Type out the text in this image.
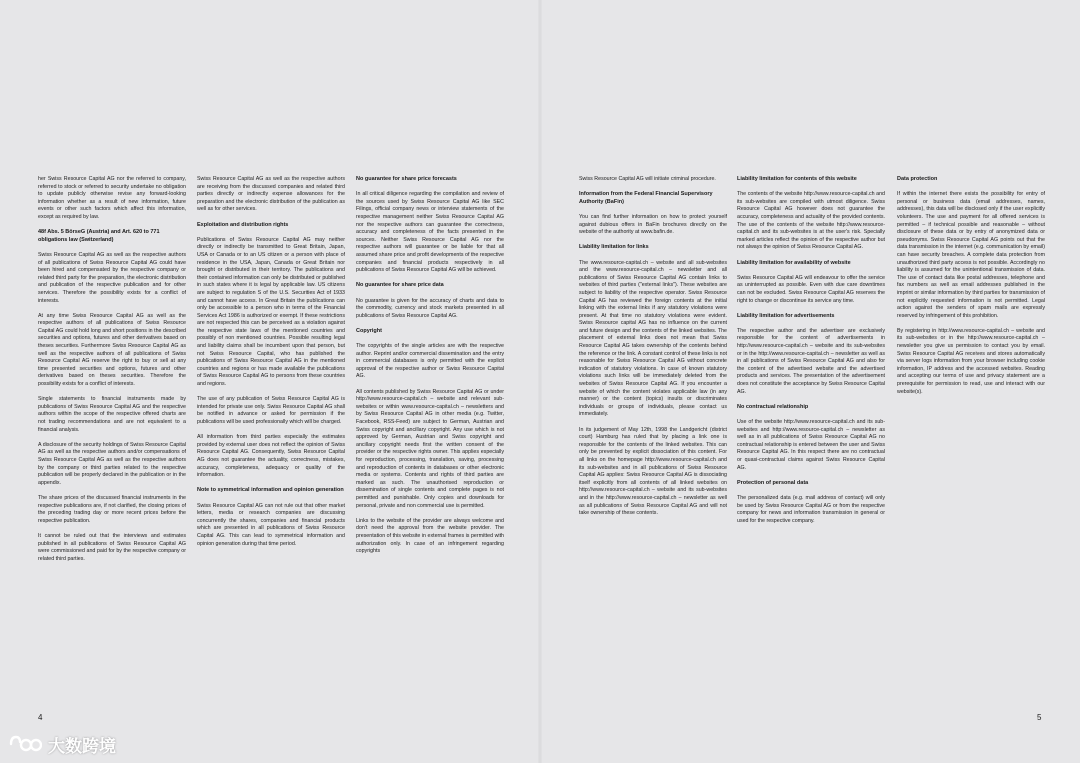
her Swiss Resource Capital AG nor the referred to company, referred to stock or referred to security undertake no obligation to update publicly otherwise revise any forward-looking information whether as a result of new information, future events or other such factors which affect this information, except as required by law.

48f Abs. 5 BörseG (Austria) and Art. 620 to 771 obligations law (Switzerland)

Swiss Resource Capital AG as well as the respective authors of all publications of Swiss Resource Capital AG could have been hired and compensated by the respective company or related third party for the preparation, the electronic distribution and publication of the respective publication and for other services. Therefore the possibility exists for a conflict of interests.

At any time Swiss Resource Capital AG as well as the respective authors of all publications of Swiss Resource Capital AG could hold long and short positions in the described securities and options, futures and other derivatives based on theses securities. Furthermore Swiss Resource Capital AG as well as the respective authors of all publications of Swiss Resource Capital AG reserve the right to buy or sell at any time presented securities and options, futures and other derivatives based on theses securities. Therefore the possibility exists for a conflict of interests.

Single statements to financial instruments made by publications of Swiss Resource Capital AG and the respective authors within the scope of the respective offered charts are not trading recommendations and are not equivalent to a financial analysis.

A disclosure of the security holdings of Swiss Resource Capital AG as well as the respective authors and/or compensations of Swiss Resource Capital AG as well as the respective authors by the company or third parties related to the respective publication will be properly declared in the publication or in the appendix.

The share prices of the discussed financial instruments in the respective publications are, if not clarified, the closing prices of the preceding trading day or more recent prices before the respective publication.

It cannot be ruled out that the interviews and estimates published in all publications of Swiss Resource Capital AG were commissioned and paid for by the respective company or related third parties.

Swiss Resource Capital AG as well as the respective authors are receiving from the discussed companies and related third parties directly or indirectly expense allowances for the preparation and the electronic distribution of the publication as well as for other services.

Exploitation and distribution rights

Publications of Swiss Resource Capital AG may neither directly or indirectly be transmitted to Great Britain, Japan, USA or Canada or to an US citizen or a person with place of residence in the USA, Japan, Canada or Great Britain nor brought or distributed in their territory. The publications and their contained information can only be distributed or published in such states where it is legal by applicable law. US citizens are subject to regulation S of the U.S. Securities Act of 1933 and cannot have access. In Great Britain the publications can only be accessible to a person who in terms of the Financial Services Act 1986 is authorized or exempt. If these restrictions are not respected this can be perceived as a violation against the respective state laws of the mentioned countries and possibly of non mentioned countries. Possible resulting legal and liability claims shall be incumbent upon that person, but not Swiss Resource Capital, who has published the publications of Swiss Resource Capital AG in the mentioned countries and regions or has made available the publications of Swiss Resource Capital AG to persons from these countries and regions.

The use of any publication of Swiss Resource Capital AG is intended for private use only. Swiss Resource Capital AG shall be notified in advance or asked for permission if the publications will be used professionally which will be charged.

All information from third parties especially the estimates provided by external user does not reflect the opinion of Swiss Resource Capital AG. Consequently, Swiss Resource Capital AG does not guarantee the actuality, correctness, mistakes, accuracy, completeness, adequacy or quality of the information.

Note to symmetrical information and opinion generation

Swiss Resource Capital AG can not rule out that other market letters, media or research companies are discussing concurrently the shares, companies and financial products which are presented in all publications of Swiss Resource Capital AG. This can lead to symmetrical information and opinion generation during that time period.

No guarantee for share price forecasts

In all critical diligence regarding the compilation and review of the sources used by Swiss Resource Capital AG like SEC Filings, official company news or interview statements of the respective management neither Swiss Resource Capital AG nor the respective authors can guarantee the correctness, accuracy and completeness of the facts presented in the sources. Neither Swiss Resource Capital AG nor the respective authors will guarantee or be liable for that all assumed share price and profit developments of the respective companies and financial products respectively in all publications of Swiss Resource Capital AG will be achieved.

No guarantee for share price data

No guarantee is given for the accuracy of charts and data to the commodity, currency and stock markets presented in all publications of Swiss Resource Capital AG.

Copyright

The copyrights of the single articles are with the respective author. Reprint and/or commercial dissemination and the entry in commercial databases is only permitted with the explicit approval of the respective author or Swiss Resource Capital AG.

All contents published by Swiss Resource Capital AG or under http://www.resource-capital.ch – website and relevant sub-websites or within www.resource-capital.ch – newsletters and by Swiss Resource Capital AG in other media (e.g. Twitter, Facebook, RSS-Feed) are subject to German, Austrian and Swiss copyright and ancillary copyright. Any use which is not approved by German, Austrian and Swiss copyright and ancillary copyright needs first the written consent of the provider or the respective rights owner. This applies especially for reproduction, processing, translation, saving, processing and reproduction of contents in databases or other electronic media or systems. Contents and rights of third parties are marked as such. The unauthorised reproduction or dissemination of single contents and complete pages is not permitted and punishable. Only copies and downloads for personal, private and non commercial use is permitted.

Links to the website of the provider are always welcome and don't need the approval from the website provider. The presentation of this website in external frames is permitted with authorization only. In case of an infringement regarding copyrights

4

Swiss Resource Capital AG will initiate criminal procedure.

Information from the Federal Financial Supervisory Authority (BaFin)

You can find further information on how to protect yourself against dubious offers in BaFin brochures directly on the website of the authority at www.bafin.de.

Liability limitation for links

The www.resource-capital.ch – website and all sub-websites and the www.resource-capital.ch – newsletter and all publications of Swiss Resource Capital AG contain links to websites of third parties ("external links"). These websites are subject to liability of the respective operator. Swiss Resource Capital AG has reviewed the foreign contents at the initial linking with the external links if any statutory violations were present. At that time no statutory violations were evident. Swiss Resource capital AG has no influence on the current and future design and the contents of the linked websites. The placement of external links does not mean that Swiss Resource Capital AG takes ownership of the contents behind the reference or the link. A constant control of these links is not reasonable for Swiss Resource Capital AG without concrete indication of statutory violations. In case of known statutory violations such links will be immediately deleted from the websites of Swiss Resource Capital AG. If you encounter a website of which the content violates applicable law (in any manner) or the content (topics) insults or discriminates individuals or groups of individuals, please contact us immediately.

In its judgement of May 12th, 1998 the Landgericht (district court) Hamburg has ruled that by placing a link one is responsible for the contents of the linked websites. This can only be prevented by explicit dissociation of this content. For all links on the homepage http://www.resource-capital.ch and its sub-websites and in all publications of Swiss Resource Capital AG applies: Swiss Resource Capital AG is dissociating itself explicitly from all contents of all linked websites on http://www.resource-capital.ch – website and its sub-websites and in the http://www.resource-capital.ch – newsletter as well as all publications of Swiss Resource Capital AG and will not take ownership of these contents.

Liability limitation for contents of this website

The contents of the website http://www.resource-capital.ch and its sub-websites are compiled with utmost diligence. Swiss Resource Capital AG however does not guarantee the accuracy, completeness and actuality of the provided contents. The use of the contents of the website http://www.resource-capital.ch and its sub-websites is at the user's risk. Specially marked articles reflect the opinion of the respective author but not always the opinion of Swiss Resource Capital AG.

Liability limitation for availability of website

Swiss Resource Capital AG will endeavour to offer the service as uninterrupted as possible. Even with due care downtimes can not be excluded. Swiss Resource Capital AG reserves the right to change or discontinue its service any time.

Liability limitation for advertisements

The respective author and the advertiser are exclusively responsible for the content of advertisements in http://www.resource-capital.ch – website and its sub-websites or in the http://www.resource-capital.ch – newsletter as well as in all publications of Swiss Resource Capital AG and also for the content of the advertised website and the advertised products and services. The presentation of the advertisement does not constitute the acceptance by Swiss Resource Capital AG.

No contractual relationship

Use of the website http://www.resource-capital.ch and its sub-websites and http://www.resource-capital.ch – newsletter as well as in all publications of Swiss Resource Capital AG no contractual relationship is entered between the user and Swiss Resource Capital AG. In this respect there are no contractual or quasi-contractual claims against Swiss Resource Capital AG.

Protection of personal data

The personalized data (e.g. mail address of contact) will only be used by Swiss Resource Capital AG or from the respective company for news and information transmission in general or used for the respective company.

Data protection

If within the internet there exists the possibility for entry of personal or business data (email addresses, names, addresses), this data will be disclosed only if the user explicitly volunteers. The use and payment for all offered services is permitted – if technical possible and reasonable – without disclosure of these data or by entry of anonymized data or pseudonyms. Swiss Resource Capital AG points out that the data transmission in the internet (e.g. communication by email) can have security breaches. A complete data protection from unauthorized third party access is not possible. Accordingly no liability is assumed for the unintentional transmission of data. The use of contact data like postal addresses, telephone and fax numbers as well as email addresses published in the imprint or similar information by third parties for transmission of not explicitly requested information is not permitted. Legal action against the senders of spam mails are expressly reserved by infringement of this prohibition.

By registering in http://www.resource-capital.ch – website and its sub-websites or in the http://www.resource-capital.ch – newsletter you give us permission to contact you by email. Swiss Resource Capital AG receives and stores automatically via server logs information from your browser including cookie information, IP address and the accessed websites. Reading and accepting our terms of use and privacy statement are a prerequisite for permission to read, use and interact with our website(s).

5
大数跨境
